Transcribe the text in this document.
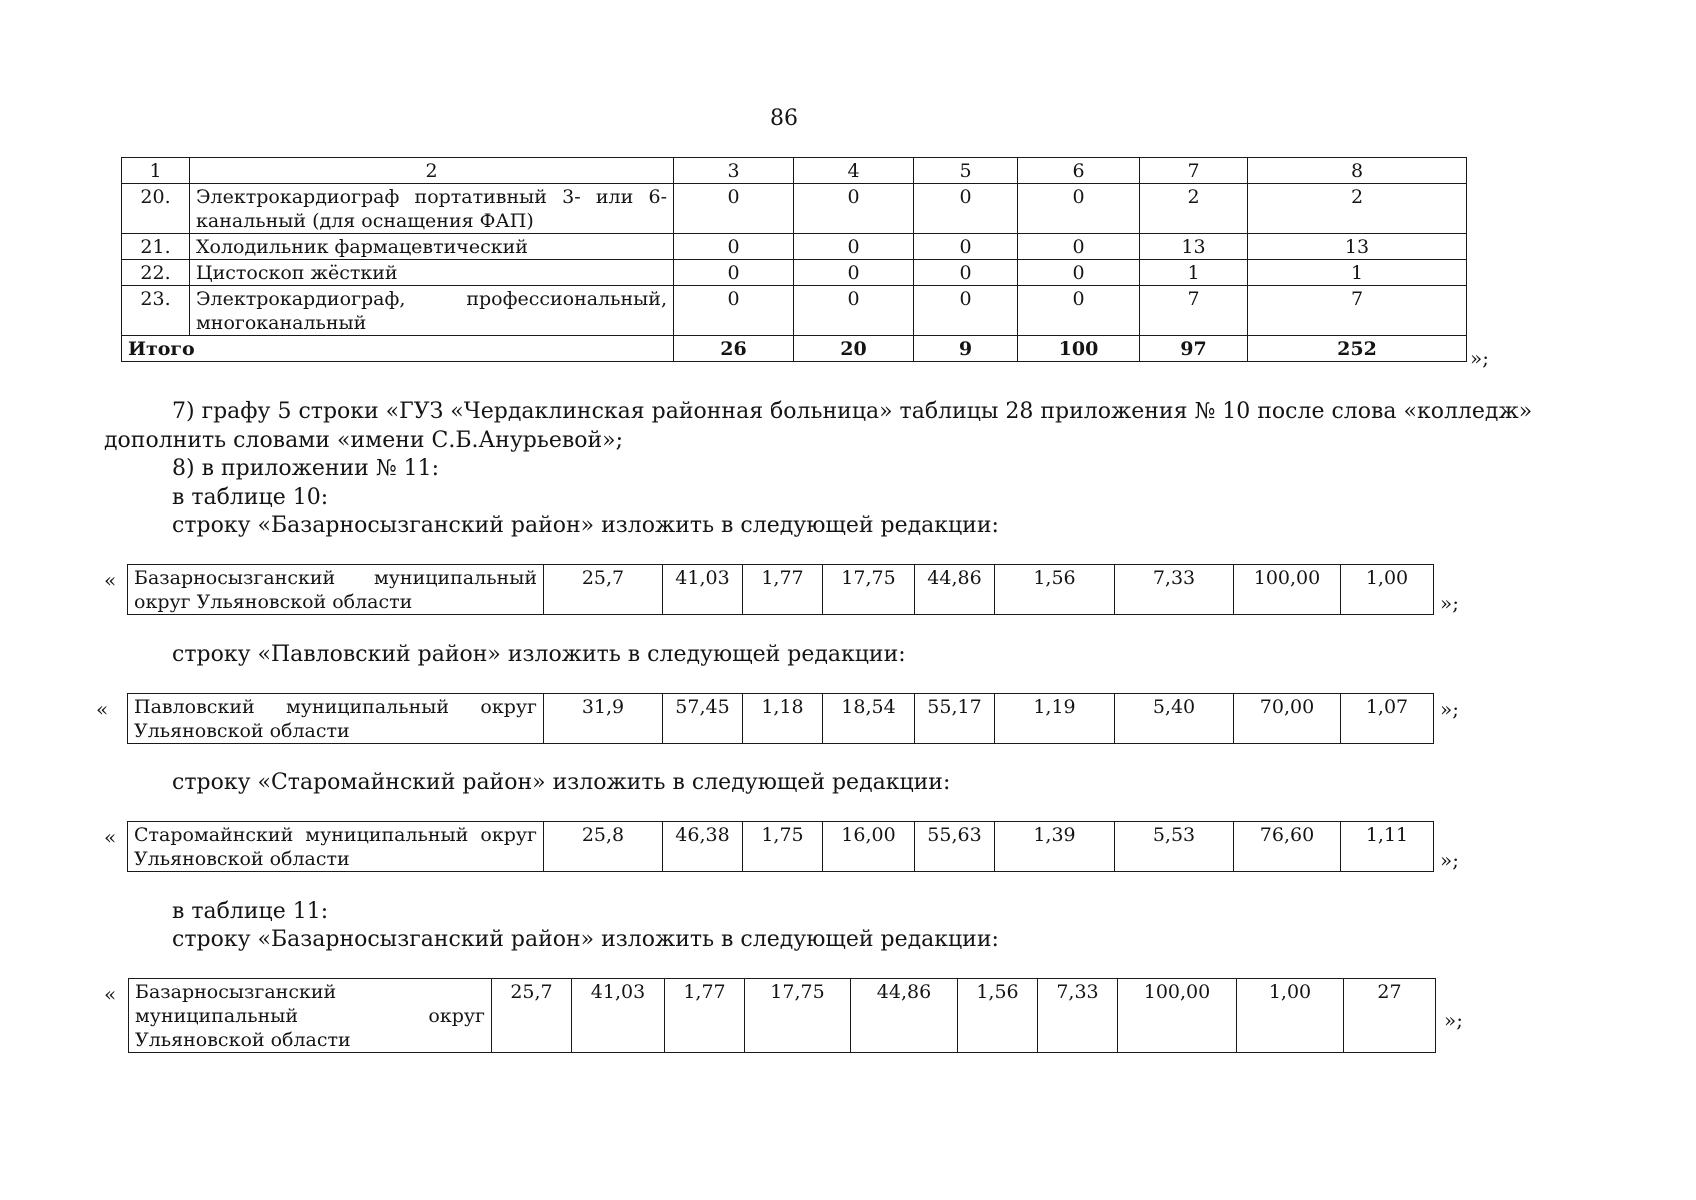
86
1	2	3	4	5	6	7	8
20.	Электрокардиограф портативный 3- или 6-канальный (для оснащения ФАП)	0	0	0	0	2	2
21.	Холодильник фармацевтический	0	0	0	0	13	13
22.	Цистоскоп жёсткий	0	0	0	0	1	1
23.	Электрокардиограф, профессиональный, многоканальный	0	0	0	0	7	7
Итого		26	20	9	100	97	252	»;
7) графу 5 строки «ГУЗ «Чердаклинская районная больница» таблицы 28 приложения № 10 после слова «колледж»
дополнить словами «имени С.Б.Анурьевой»;
8) в приложении № 11:
в таблице 10:
строку «Базарносызганский район» изложить в следующей редакции:
« Базарносызганский муниципальный округ Ульяновской области	25,7	41,03	1,77	17,75	44,86	1,56	7,33	100,00	1,00
»;
строку «Павловский район» изложить в следующей редакции:
« Павловский муниципальный округ Ульяновской области	31,9	57,45	1,18	18,54	55,17	1,19	5,40	70,00	1,07 »;
строку «Старомайнский район» изложить в следующей редакции:
« Старомайнский муниципальный округ Ульяновской области	25,8	46,38	1,75	16,00	55,63	1,39	5,53	76,60	1,11
»;
в таблице 11:
строку «Базарносызганский район» изложить в следующей редакции:
« Базарносызганский муниципальный округ Ульяновской области	25,7	41,03	1,77	17,75	44,86	1,56	7,33	100,00	1,00	27
»;
